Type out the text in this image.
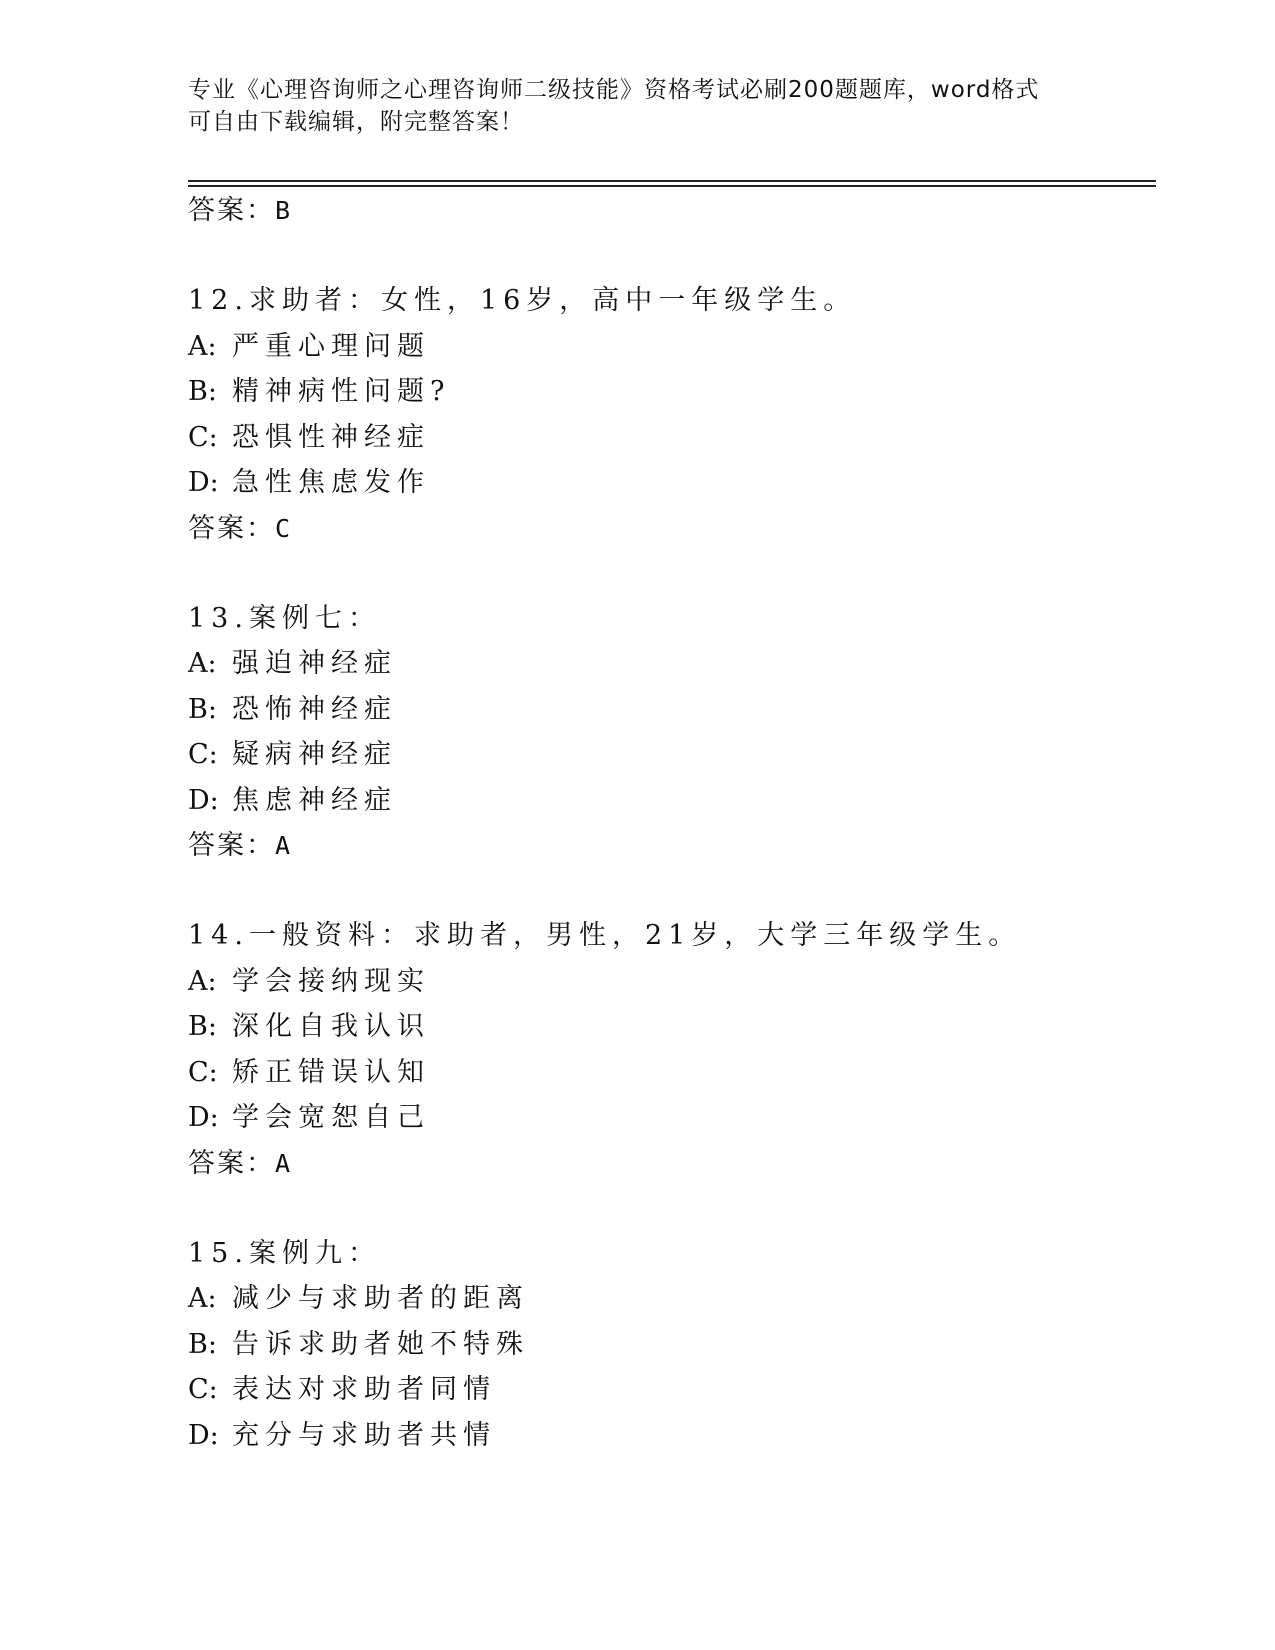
专业《心理咨询师之心理咨询师二级技能》资格考试必刷200题题库，word格式
可自由下载编辑，附完整答案！
答案：B
12.求助者：女性，16岁，高中一年级学生。
A: 严重心理问题
B: 精神病性问题?
C: 恐惧性神经症
D: 急性焦虑发作
答案：C
13.案例七：
A: 强迫神经症
B: 恐怖神经症
C: 疑病神经症
D: 焦虑神经症
答案：A
14.一般资料：求助者，男性，21岁，大学三年级学生。
A: 学会接纳现实
B: 深化自我认识
C: 矫正错误认知
D: 学会宽恕自己
答案：A
15.案例九：
A: 减少与求助者的距离
B: 告诉求助者她不特殊
C: 表达对求助者同情
D: 充分与求助者共情
